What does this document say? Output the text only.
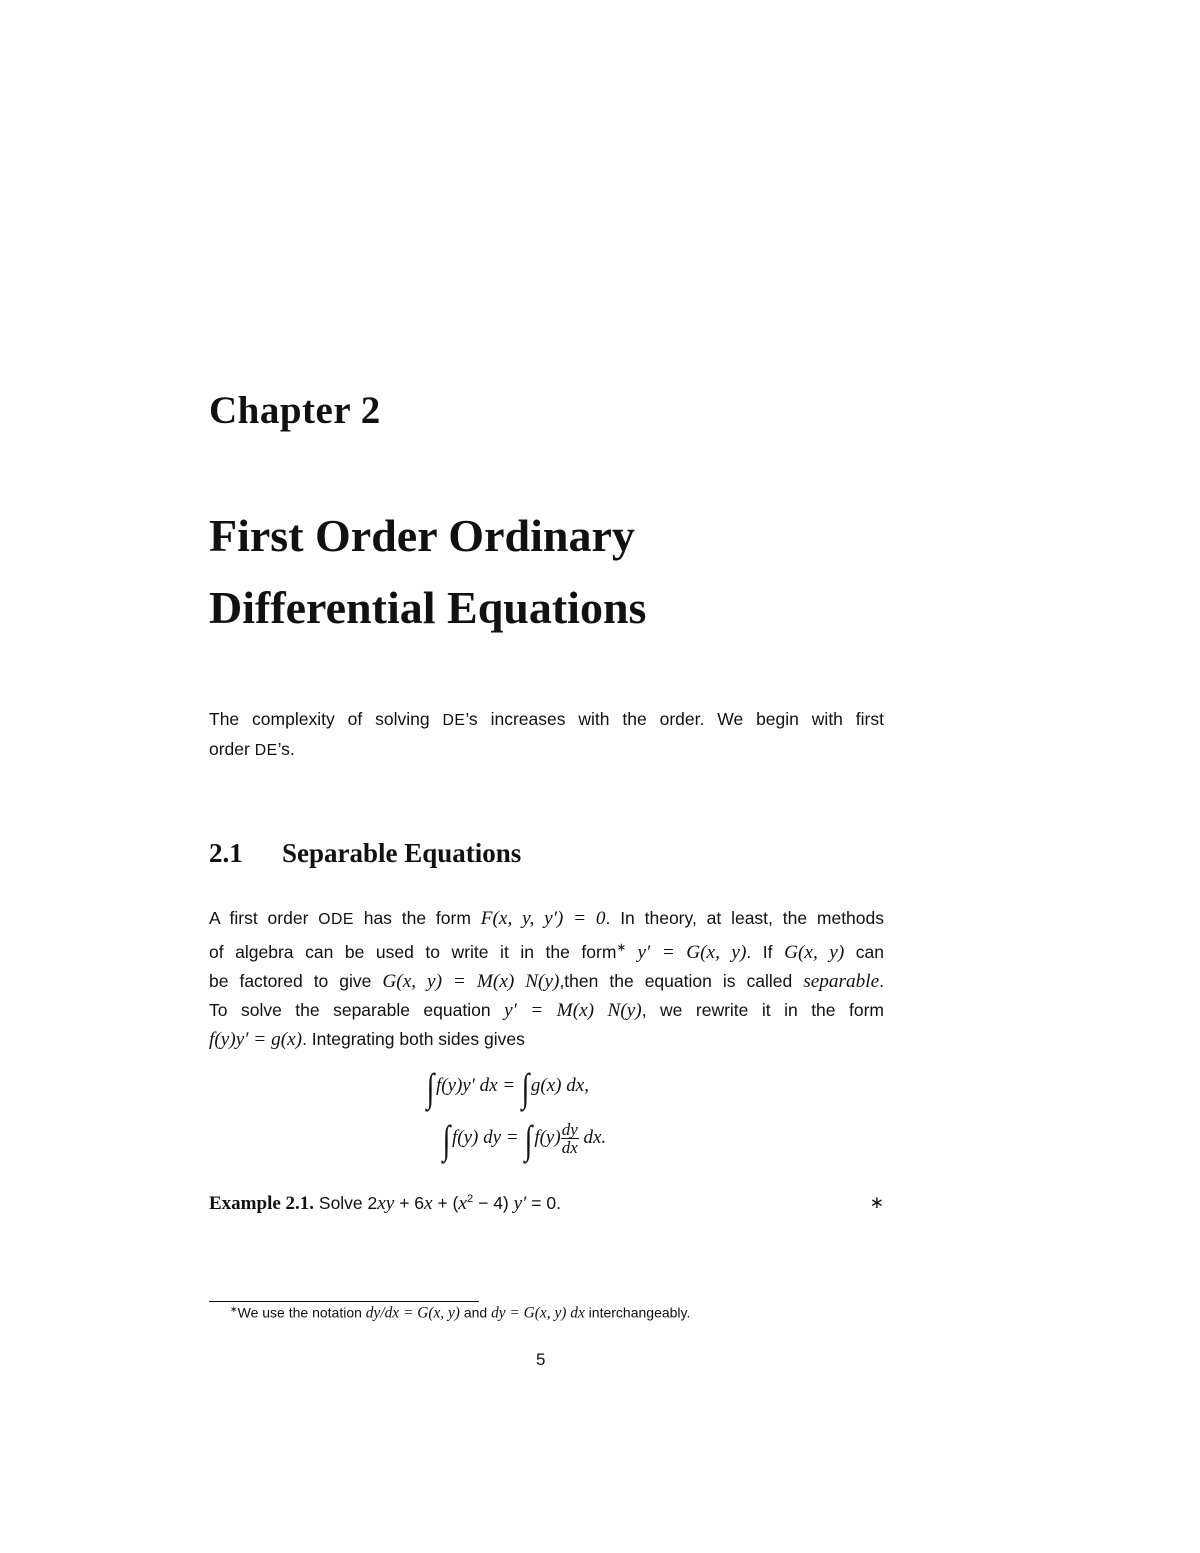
Chapter 2
First Order Ordinary
Differential Equations
The complexity of solving DE’s increases with the order. We begin with first
order DE’s.
2.1 Separable Equations
A first order ODE has the form F(x, y, y′) = 0. In theory, at least, the methods
of algebra can be used to write it in the form∗ y′ = G(x, y). If G(x, y) can
be factored to give G(x, y) = M(x) N(y),then the equation is called separable.
To solve the separable equation y′ = M(x) N(y), we rewrite it in the form
f(y)y′ = g(x). Integrating both sides gives
∫f(y)y′ dx = ∫g(x) dx,
∫f(y) dy = $\int f(y) \frac{dy}{dx}$ dx.
Example 2.1. Solve $2xy + 6x + (x^2 - 4) y' = 0$.	∗
∗We use the notation dy/dx = G(x, y) and dy = G(x, y) dx interchangeably.
5
